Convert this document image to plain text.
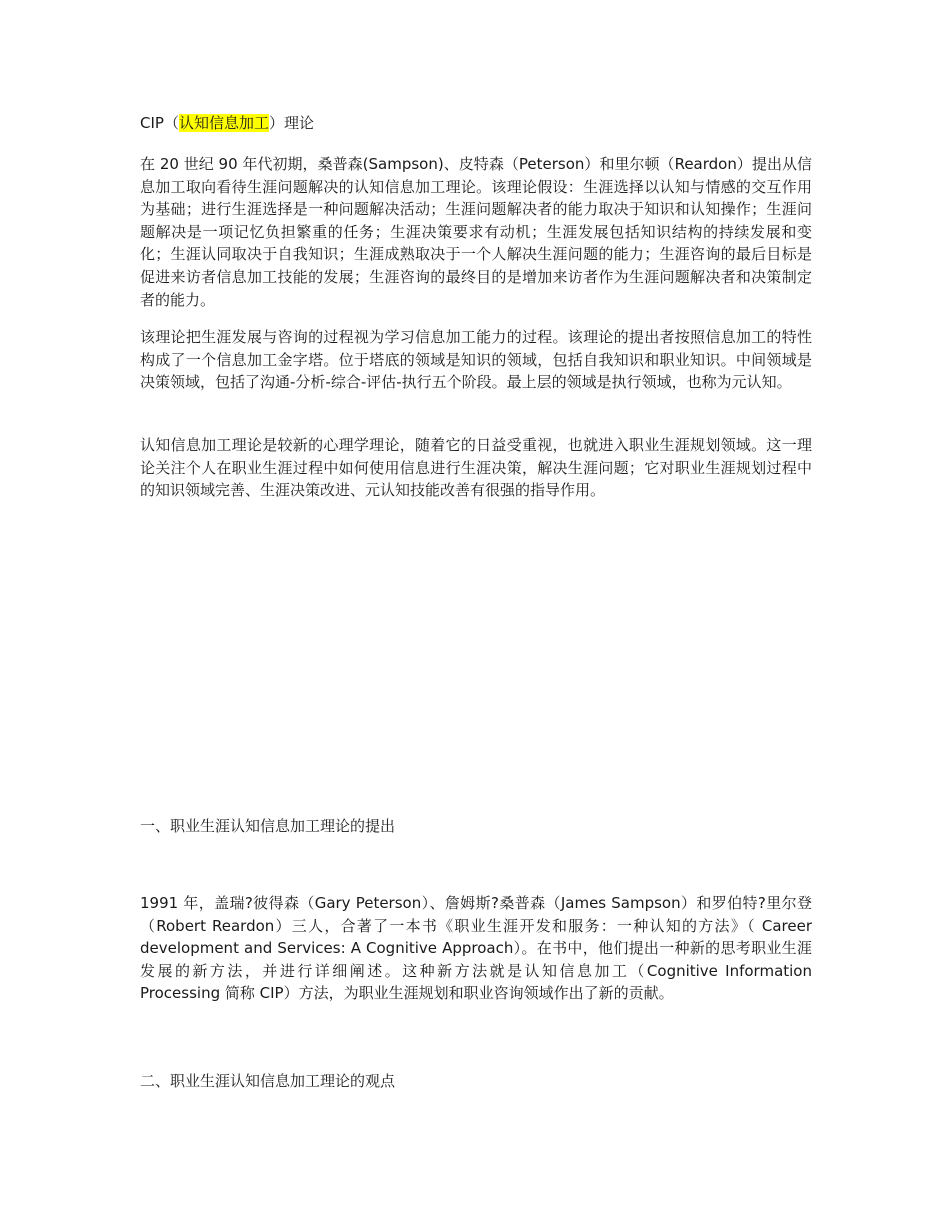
CIP（认知信息加工）理论

在 20 世纪 90 年代初期，桑普森(Sampson)、皮特森（Peterson）和里尔顿（Reardon）提出从信息加工取向看待生涯问题解决的认知信息加工理论。该理论假设：生涯选择以认知与情感的交互作用为基础；进行生涯选择是一种问题解决活动；生涯问题解决者的能力取决于知识和认知操作；生涯问题解决是一项记忆负担繁重的任务；生涯决策要求有动机；生涯发展包括知识结构的持续发展和变化；生涯认同取决于自我知识；生涯成熟取决于一个人解决生涯问题的能力；生涯咨询的最后目标是促进来访者信息加工技能的发展；生涯咨询的最终目的是增加来访者作为生涯问题解决者和决策制定者的能力。

该理论把生涯发展与咨询的过程视为学习信息加工能力的过程。该理论的提出者按照信息加工的特性构成了一个信息加工金字塔。位于塔底的领域是知识的领域，包括自我知识和职业知识。中间领域是决策领域，包括了沟通-分析-综合-评估-执行五个阶段。最上层的领域是执行领域，也称为元认知。

认知信息加工理论是较新的心理学理论，随着它的日益受重视，也就进入职业生涯规划领域。这一理论关注个人在职业生涯过程中如何使用信息进行生涯决策，解决生涯问题；它对职业生涯规划过程中的知识领域完善、生涯决策改进、元认知技能改善有很强的指导作用。

一、职业生涯认知信息加工理论的提出

1991 年，盖瑞?彼得森（Gary Peterson）、詹姆斯?桑普森（James Sampson）和罗伯特?里尔登（Robert Reardon）三人，合著了一本书《职业生涯开发和服务：一种认知的方法》（ Career development and Services: A Cognitive Approach）。在书中，他们提出一种新的思考职业生涯发展的新方法，并进行详细阐述。这种新方法就是认知信息加工（Cognitive Information Processing 简称 CIP）方法，为职业生涯规划和职业咨询领域作出了新的贡献。

二、职业生涯认知信息加工理论的观点
